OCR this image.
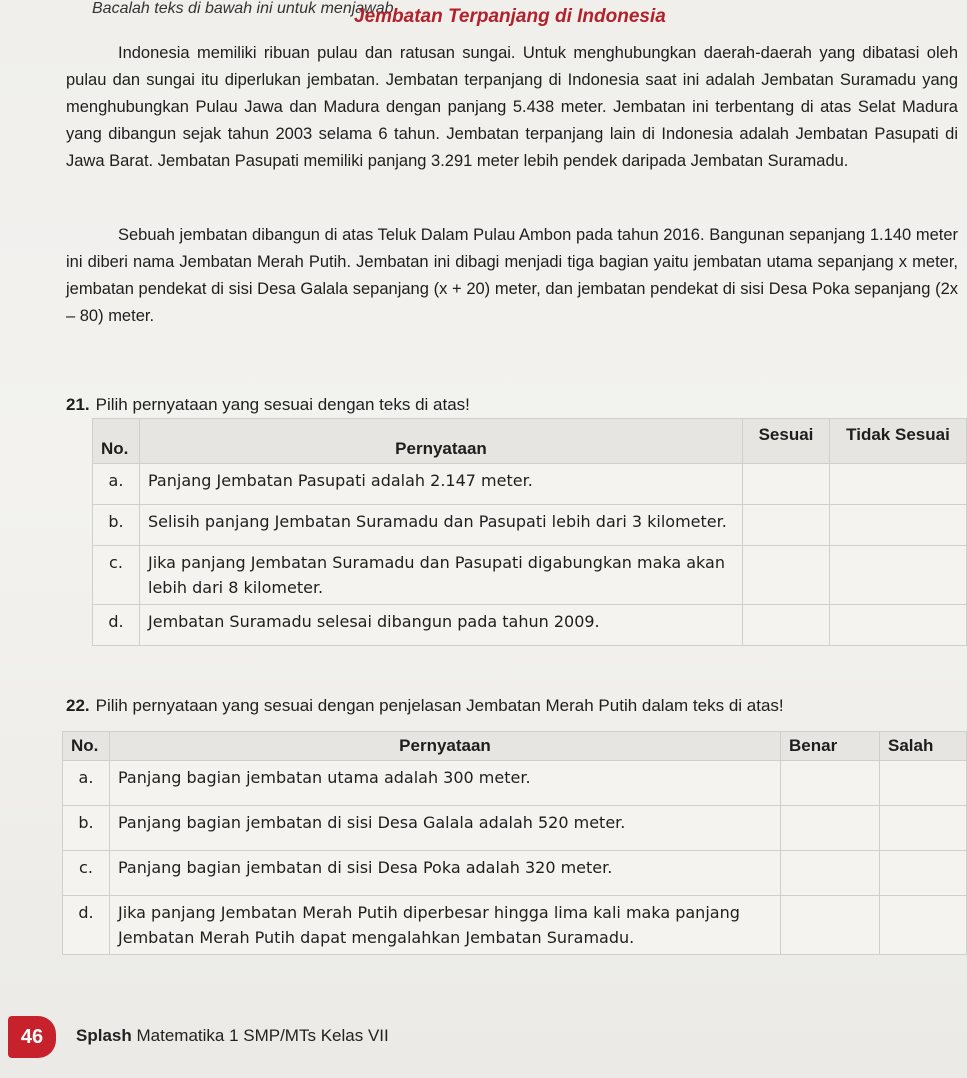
Bacalah teks di bawah ini untuk menjawab
Jembatan Terpanjang di Indonesia
Indonesia memiliki ribuan pulau dan ratusan sungai. Untuk menghubungkan daerah-daerah yang dibatasi oleh pulau dan sungai itu diperlukan jembatan. Jembatan terpanjang di Indonesia saat ini adalah Jembatan Suramadu yang menghubungkan Pulau Jawa dan Madura dengan panjang 5.438 meter. Jembatan ini terbentang di atas Selat Madura yang dibangun sejak tahun 2003 selama 6 tahun. Jembatan terpanjang lain di Indonesia adalah Jembatan Pasupati di Jawa Barat. Jembatan Pasupati memiliki panjang 3.291 meter lebih pendek daripada Jembatan Suramadu.
Sebuah jembatan dibangun di atas Teluk Dalam Pulau Ambon pada tahun 2016. Bangunan sepanjang 1.140 meter ini diberi nama Jembatan Merah Putih. Jembatan ini dibagi menjadi tiga bagian yaitu jembatan utama sepanjang x meter, jembatan pendekat di sisi Desa Galala sepanjang (x + 20) meter, dan jembatan pendekat di sisi Desa Poka sepanjang (2x – 80) meter.
21. Pilih pernyataan yang sesuai dengan teks di atas!
No.	Pernyataan	Sesuai	Tidak Sesuai
a.	Panjang Jembatan Pasupati adalah 2.147 meter.		
b.	Selisih panjang Jembatan Suramadu dan Pasupati lebih dari 3 kilometer.		
c.	Jika panjang Jembatan Suramadu dan Pasupati digabungkan maka akan lebih dari 8 kilometer.		
d.	Jembatan Suramadu selesai dibangun pada tahun 2009.		
22. Pilih pernyataan yang sesuai dengan penjelasan Jembatan Merah Putih dalam teks di atas!
No.	Pernyataan	Benar	Salah
a.	Panjang bagian jembatan utama adalah 300 meter.		
b.	Panjang bagian jembatan di sisi Desa Galala adalah 520 meter.		
c.	Panjang bagian jembatan di sisi Desa Poka adalah 320 meter.		
d.	Jika panjang Jembatan Merah Putih diperbesar hingga lima kali maka panjang Jembatan Merah Putih dapat mengalahkan Jembatan Suramadu.		
46	Splash Matematika 1 SMP/MTs Kelas VII
